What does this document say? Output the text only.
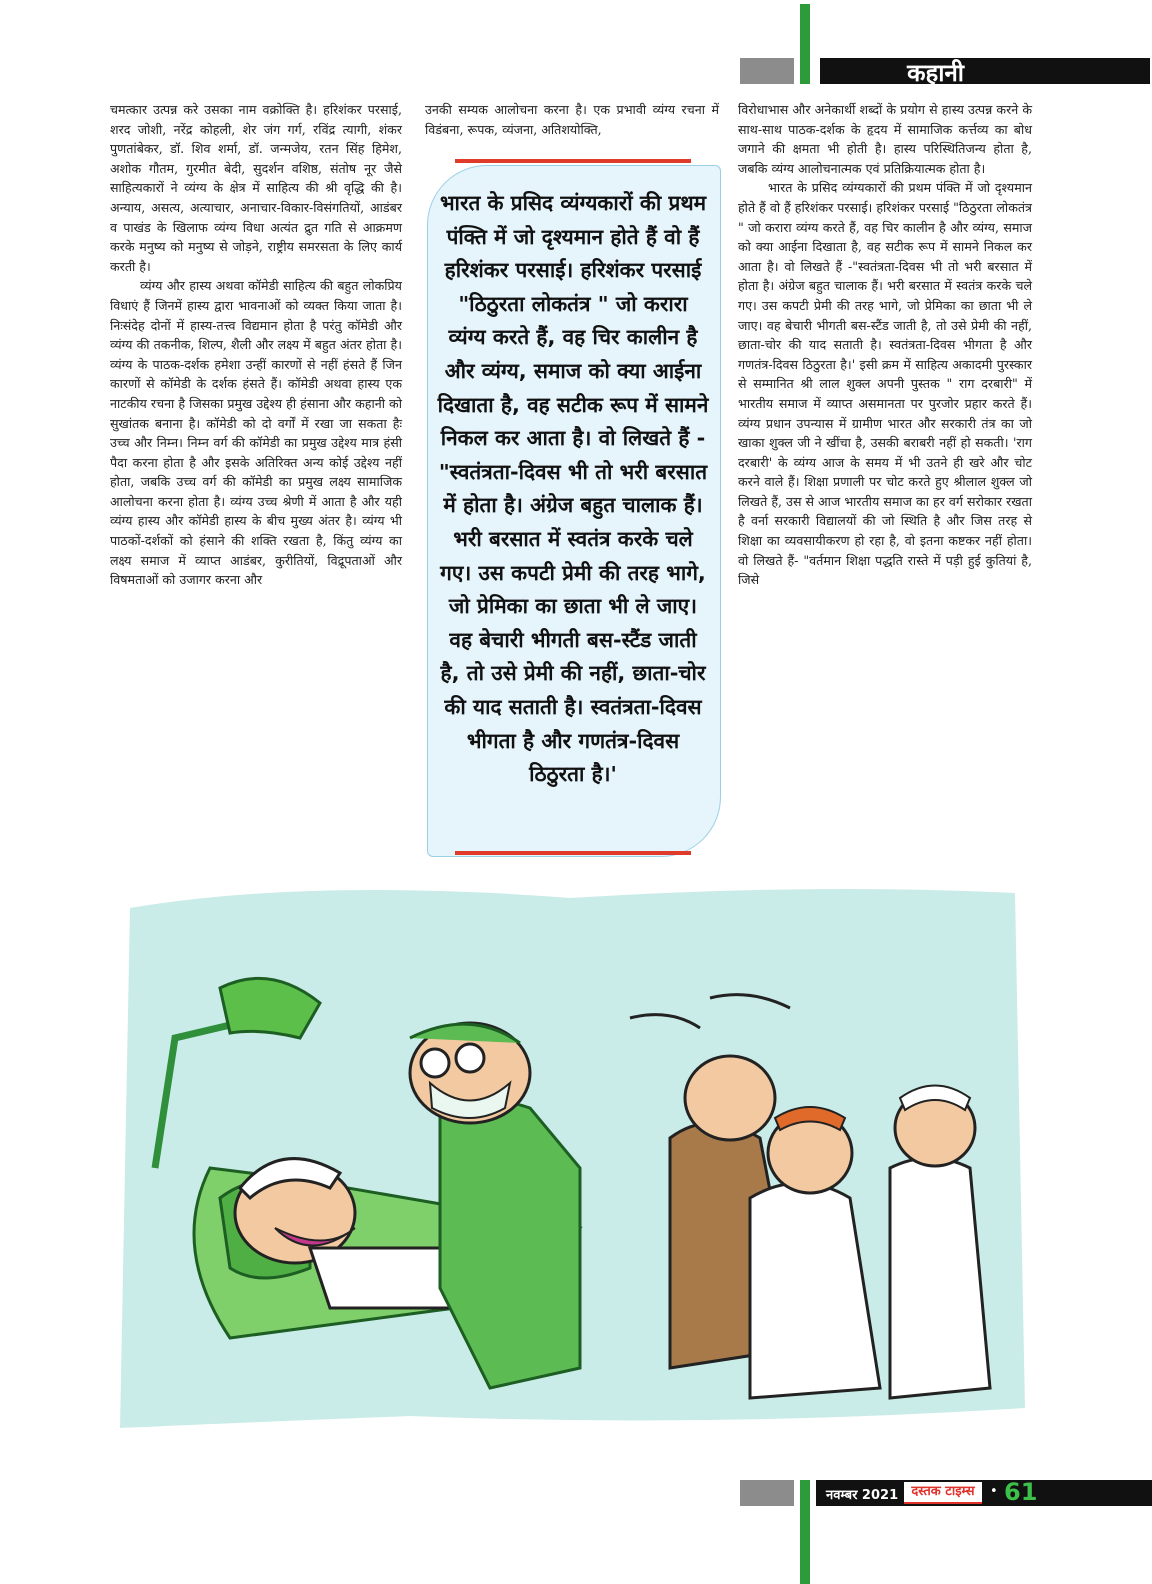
कहानी

चमत्कार उत्पन्न करे उसका नाम वक्रोक्ति है। हरिशंकर परसाई, शरद जोशी, नरेंद्र कोहली, शेर जंग गर्ग, रविंद्र त्यागी, शंकर पुणतांबेकर, डॉ. शिव शर्मा, डॉ. जन्मजेय, रतन सिंह हिमेश, अशोक गौतम, गुरमीत बेदी, सुदर्शन वशिष्ठ, संतोष नूर जैसे साहित्यकारों ने व्यंग्य के क्षेत्र में साहित्य की श्री वृद्धि की है। अन्याय, असत्य, अत्याचार, अनाचार-विकार-विसंगतियों, आडंबर व पाखंड के खिलाफ व्यंग्य विधा अत्यंत द्रुत गति से आक्रमण करके मनुष्य को मनुष्य से जोड़ने, राष्ट्रीय समरसता के लिए कार्य करती है।

व्यंग्य और हास्य अथवा कॉमेडी साहित्य की बहुत लोकप्रिय विधाएं हैं जिनमें हास्य द्वारा भावनाओं को व्यक्त किया जाता है। निःसंदेह दोनों में हास्य-तत्त्व विद्यमान होता है परंतु कॉमेडी और व्यंग्य की तकनीक, शिल्प, शैली और लक्ष्य में बहुत अंतर होता है। व्यंग्य के पाठक-दर्शक हमेशा उन्हीं कारणों से नहीं हंसते हैं जिन कारणों से कॉमेडी के दर्शक हंसते हैं। कॉमेडी अथवा हास्य एक नाटकीय रचना है जिसका प्रमुख उद्देश्य ही हंसाना और कहानी को सुखांतक बनाना है। कॉमेडी को दो वर्गों में रखा जा सकता हैः उच्च और निम्न। निम्न वर्ग की कॉमेडी का प्रमुख उद्देश्य मात्र हंसी पैदा करना होता है और इसके अतिरिक्त अन्य कोई उद्देश्य नहीं होता, जबकि उच्च वर्ग की कॉमेडी का प्रमुख लक्ष्य सामाजिक आलोचना करना होता है। व्यंग्य उच्च श्रेणी में आता है और यही व्यंग्य हास्य और कॉमेडी हास्य के बीच मुख्य अंतर है। व्यंग्य भी पाठकों-दर्शकों को हंसाने की शक्ति रखता है, किंतु व्यंग्य का लक्ष्य समाज में व्याप्त आडंबर, कुरीतियों, विद्रूपताओं और विषमताओं को उजागर करना और

उनकी सम्यक आलोचना करना है। एक प्रभावी व्यंग्य रचना में विडंबना, रूपक, व्यंजना, अतिशयोक्ति,

भारत के प्रसिद व्यंग्यकारों की प्रथम पंक्ति में जो दृश्यमान होते हैं वो हैं हरिशंकर परसाई। हरिशंकर परसाई "ठिठुरता लोकतंत्र " जो करारा व्यंग्य करते हैं, वह चिर कालीन है और व्यंग्य, समाज को क्या आईना दिखाता है, वह सटीक रूप में सामने निकल कर आता है। वो लिखते हैं -"स्वतंत्रता-दिवस भी तो भरी बरसात में होता है। अंग्रेज बहुत चालाक हैं। भरी बरसात में स्वतंत्र करके चले गए। उस कपटी प्रेमी की तरह भागे, जो प्रेमिका का छाता भी ले जाए। वह बेचारी भीगती बस-स्टैंड जाती है, तो उसे प्रेमी की नहीं, छाता-चोर की याद सताती है। स्वतंत्रता-दिवस भीगता है और गणतंत्र-दिवस ठिठुरता है।'

विरोधाभास और अनेकार्थी शब्दों के प्रयोग से हास्य उत्पन्न करने के साथ-साथ पाठक-दर्शक के हृदय में सामाजिक कर्त्तव्य का बोध जगाने की क्षमता भी होती है। हास्य परिस्थितिजन्य होता है, जबकि व्यंग्य आलोचनात्मक एवं प्रतिक्रियात्मक होता है।

भारत के प्रसिद व्यंग्यकारों की प्रथम पंक्ति में जो दृश्यमान होते हैं वो हैं हरिशंकर परसाई। हरिशंकर परसाई "ठिठुरता लोकतंत्र " जो करारा व्यंग्य करते हैं, वह चिर कालीन है और व्यंग्य, समाज को क्या आईना दिखाता है, वह सटीक रूप में सामने निकल कर आता है। वो लिखते हैं -"स्वतंत्रता-दिवस भी तो भरी बरसात में होता है। अंग्रेज बहुत चालाक हैं। भरी बरसात में स्वतंत्र करके चले गए। उस कपटी प्रेमी की तरह भागे, जो प्रेमिका का छाता भी ले जाए। वह बेचारी भीगती बस-स्टैंड जाती है, तो उसे प्रेमी की नहीं, छाता-चोर की याद सताती है। स्वतंत्रता-दिवस भीगता है और गणतंत्र-दिवस ठिठुरता है।' इसी क्रम में साहित्य अकादमी पुरस्कार से सम्मानित श्री लाल शुक्ल अपनी पुस्तक " राग दरबारी" में भारतीय समाज में व्याप्त असमानता पर पुरजोर प्रहार करते हैं। व्यंग्य प्रधान उपन्यास में ग्रामीण भारत और सरकारी तंत्र का जो खाका शुक्ल जी ने खींचा है, उसकी बराबरी नहीं हो सकती। 'राग दरबारी' के व्यंग्य आज के समय में भी उतने ही खरे और चोट करने वाले हैं। शिक्षा प्रणाली पर चोट करते हुए श्रीलाल शुक्ल जो लिखते हैं, उस से आज भारतीय समाज का हर वर्ग सरोकार रखता है वर्ना सरकारी विद्यालयों की जो स्थिति है और जिस तरह से शिक्षा का व्यवसायीकरण हो रहा है, वो इतना कष्टकर नहीं होता। वो लिखते हैं- "वर्तमान शिक्षा पद्धति रास्ते में पड़ी हुई कुतियां है, जिसे

नवम्बर 2021	दस्तक टाइम्स	• 61
